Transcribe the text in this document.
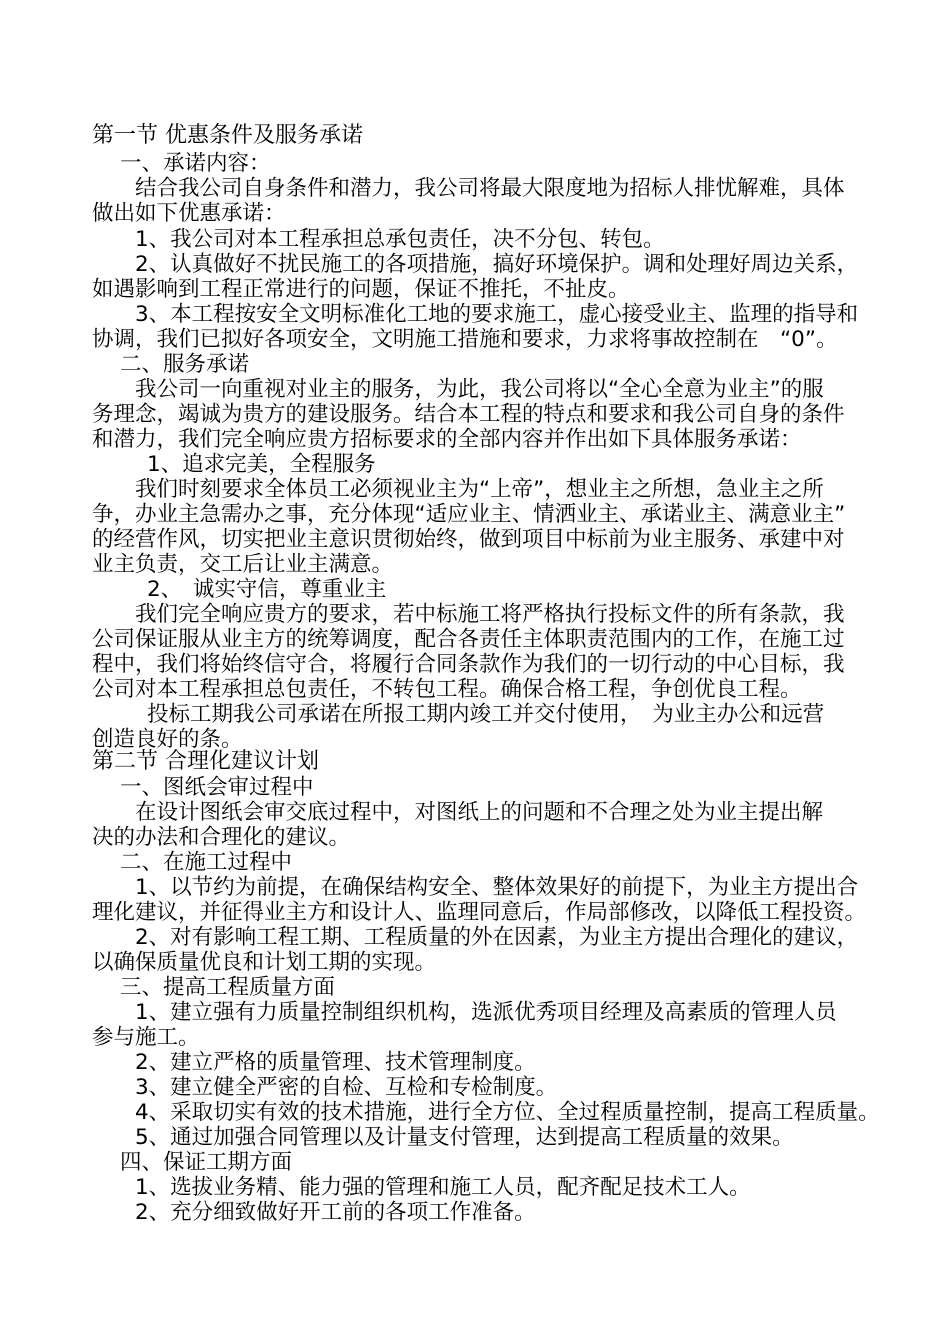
第一节 优惠条件及服务承诺
一、承诺内容：
结合我公司自身条件和潜力，我公司将最大限度地为招标人排忧解难，具体
做出如下优惠承诺：
1、我公司对本工程承担总承包责任，决不分包、转包。
2、认真做好不扰民施工的各项措施，搞好环境保护。调和处理好周边关系，
如遇影响到工程正常进行的问题，保证不推托，不扯皮。
3、本工程按安全文明标准化工地的要求施工，虚心接受业主、监理的指导和
协调，我们已拟好各项安全，文明施工措施和要求，力求将事故控制在　“0”。
二、服务承诺
我公司一向重视对业主的服务，为此，我公司将以“全心全意为业主”的服
务理念，竭诚为贵方的建设服务。结合本工程的特点和要求和我公司自身的条件
和潜力，我们完全响应贵方招标要求的全部内容并作出如下具体服务承诺：
1、追求完美，全程服务
我们时刻要求全体员工必须视业主为“上帝”，想业主之所想，急业主之所
争，办业主急需办之事，充分体现“适应业主、情洒业主、承诺业主、满意业主”
的经营作风，切实把业主意识贯彻始终，做到项目中标前为业主服务、承建中对
业主负责，交工后让业主满意。
2、　诚实守信，尊重业主
我们完全响应贵方的要求，若中标施工将严格执行投标文件的所有条款，我
公司保证服从业主方的统筹调度，配合各责任主体职责范围内的工作，在施工过
程中，我们将始终信守合，将履行合同条款作为我们的一切行动的中心目标，我
公司对本工程承担总包责任，不转包工程。确保合格工程，争创优良工程。
投标工期我公司承诺在所报工期内竣工并交付使用，　为业主办公和远营
创造良好的条。
第二节 合理化建议计划
一、图纸会审过程中
在设计图纸会审交底过程中，对图纸上的问题和不合理之处为业主提出解
决的办法和合理化的建议。
二、在施工过程中
1、以节约为前提，在确保结构安全、整体效果好的前提下，为业主方提出合
理化建议，并征得业主方和设计人、监理同意后，作局部修改，以降低工程投资。
2、对有影响工程工期、工程质量的外在因素，为业主方提出合理化的建议，
以确保质量优良和计划工期的实现。
三、提高工程质量方面
1、建立强有力质量控制组织机构，选派优秀项目经理及高素质的管理人员
参与施工。
2、建立严格的质量管理、技术管理制度。
3、建立健全严密的自检、互检和专检制度。
4、采取切实有效的技术措施，进行全方位、全过程质量控制，提高工程质量。
5、通过加强合同管理以及计量支付管理，达到提高工程质量的效果。
四、保证工期方面
1、选拔业务精、能力强的管理和施工人员，配齐配足技术工人。
2、充分细致做好开工前的各项工作准备。
